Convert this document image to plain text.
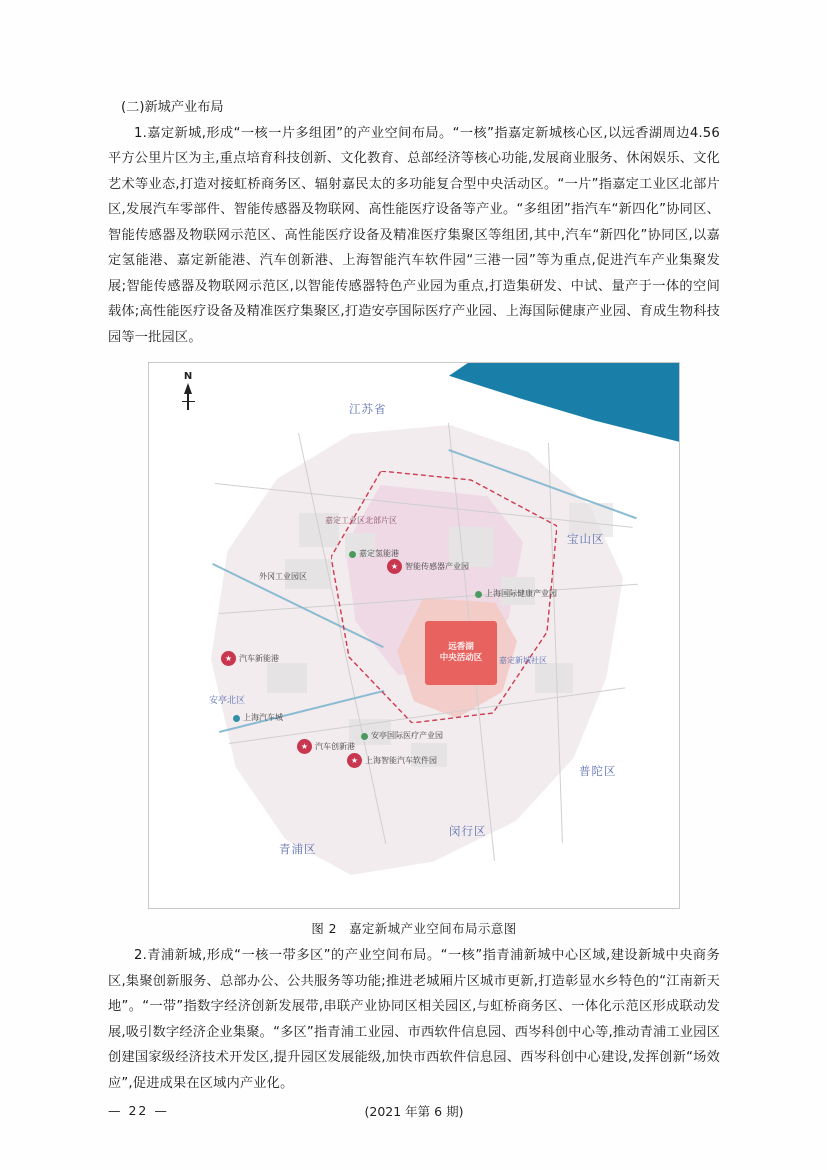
(二)新城产业布局

1.嘉定新城,形成“一核一片多组团”的产业空间布局。“一核”指嘉定新城核心区,以远香湖周边4.56平方公里片区为主,重点培育科技创新、文化教育、总部经济等核心功能,发展商业服务、休闲娱乐、文化艺术等业态,打造对接虹桥商务区、辐射嘉民太的多功能复合型中央活动区。“一片”指嘉定工业区北部片区,发展汽车零部件、智能传感器及物联网、高性能医疗设备等产业。“多组团”指汽车“新四化”协同区、智能传感器及物联网示范区、高性能医疗设备及精准医疗集聚区等组团,其中,汽车“新四化”协同区,以嘉定氢能港、嘉定新能港、汽车创新港、上海智能汽车软件园“三港一园”等为重点,促进汽车产业集聚发展;智能传感器及物联网示范区,以智能传感器特色产业园为重点,打造集研发、中试、量产于一体的空间载体;高性能医疗设备及精准医疗集聚区,打造安亭国际医疗产业园、上海国际健康产业园、育成生物科技园等一批园区。

远香湖
中央活动区
N
江苏省
宝山区
普陀区
闵行区
青浦区
嘉定工业区北部片区
外冈工业园区
嘉定氢能港
★ 智能传感器产业园
上海国际健康产业园
★ 汽车新能港
安亭国际医疗产业园
★ 上海智能汽车软件园
★ 汽车创新港
上海汽车城
安亭北区
嘉定新城社区

图 2 嘉定新城产业空间布局示意图

2.青浦新城,形成“一核一带多区”的产业空间布局。“一核”指青浦新城中心区域,建设新城中央商务区,集聚创新服务、总部办公、公共服务等功能;推进老城厢片区城市更新,打造彰显水乡特色的“江南新天地”。“一带”指数字经济创新发展带,串联产业协同区相关园区,与虹桥商务区、一体化示范区形成联动发展,吸引数字经济企业集聚。“多区”指青浦工业园、市西软件信息园、西岑科创中心等,推动青浦工业园区创建国家级经济技术开发区,提升园区发展能级,加快市西软件信息园、西岑科创中心建设,发挥创新“场效应”,促进成果在区域内产业化。

— 22 —	(2021 年第 6 期)
